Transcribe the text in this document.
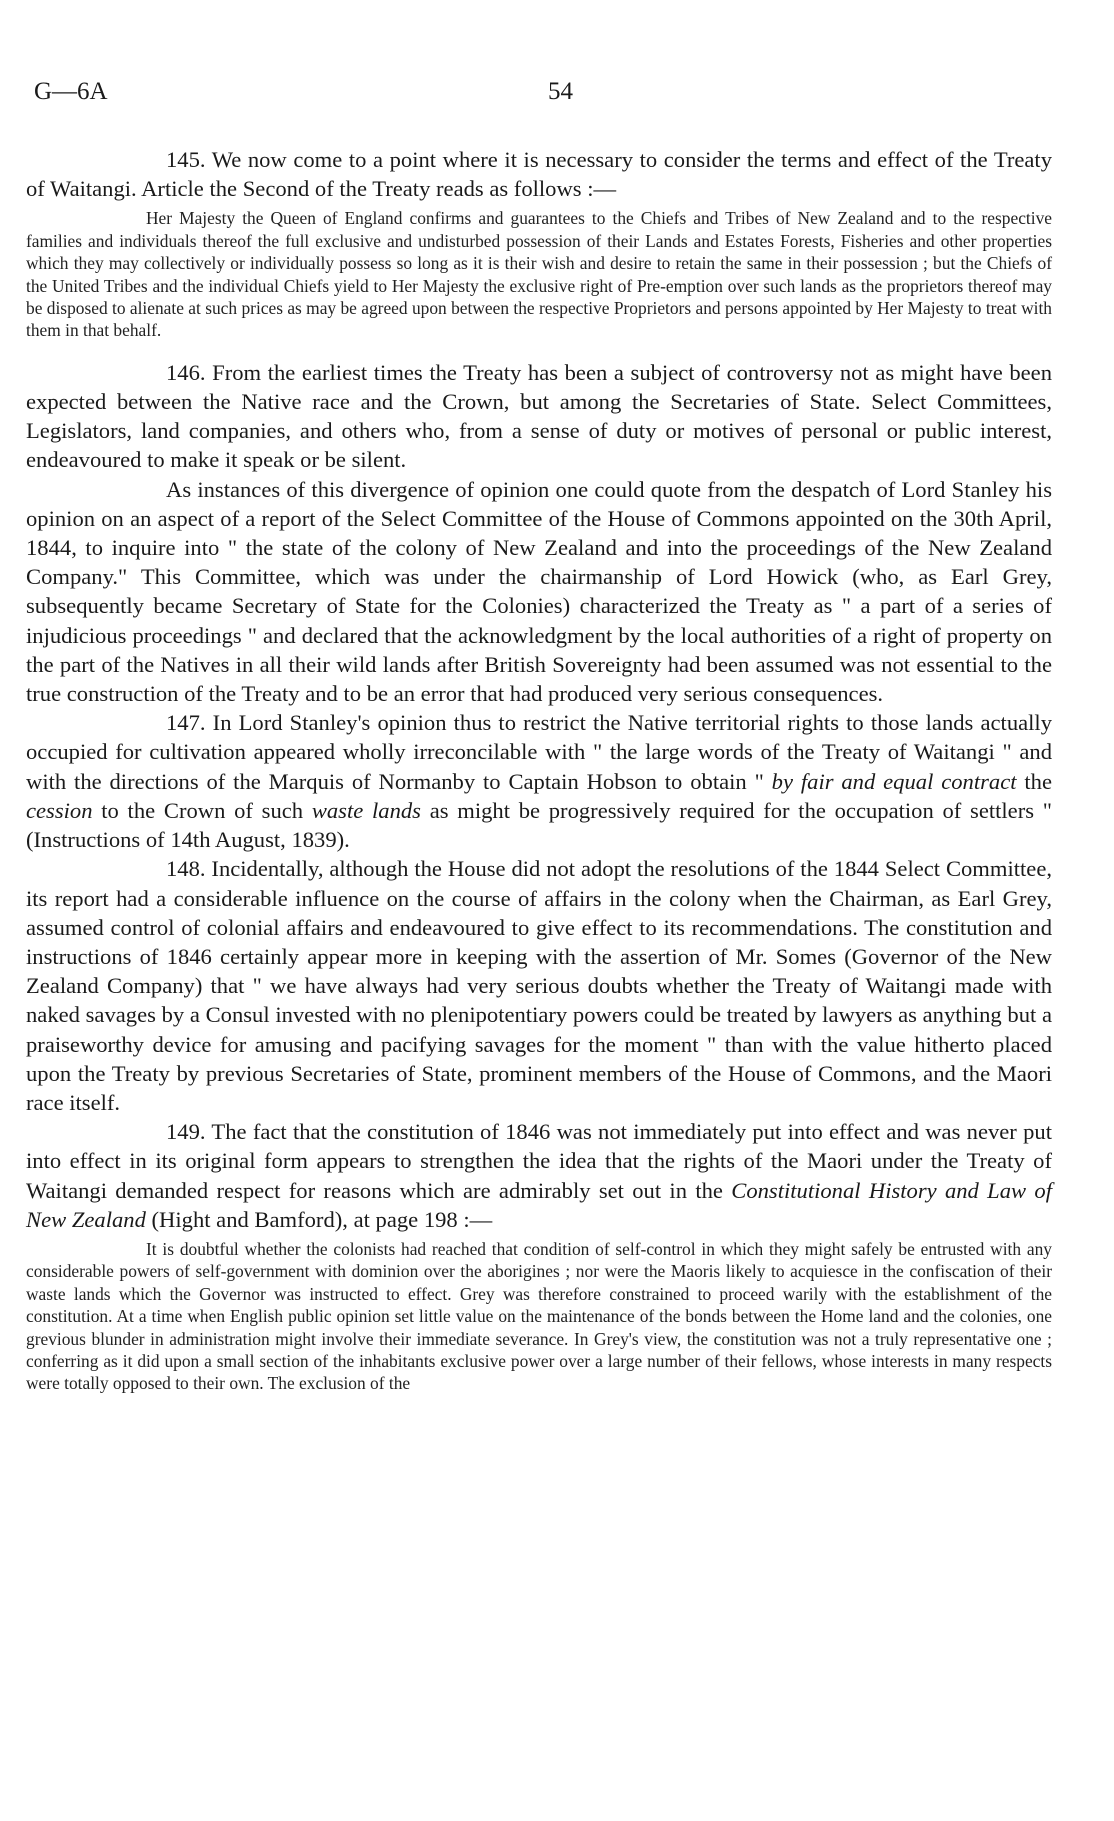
G—6A	54

145. We now come to a point where it is necessary to consider the terms and effect of the Treaty of Waitangi. Article the Second of the Treaty reads as follows :—

Her Majesty the Queen of England confirms and guarantees to the Chiefs and Tribes of New Zealand and to the respective families and individuals thereof the full exclusive and undisturbed possession of their Lands and Estates Forests, Fisheries and other properties which they may collectively or individually possess so long as it is their wish and desire to retain the same in their possession ; but the Chiefs of the United Tribes and the individual Chiefs yield to Her Majesty the exclusive right of Pre-emption over such lands as the proprietors thereof may be disposed to alienate at such prices as may be agreed upon between the respective Proprietors and persons appointed by Her Majesty to treat with them in that behalf.

146. From the earliest times the Treaty has been a subject of controversy not as might have been expected between the Native race and the Crown, but among the Secretaries of State. Select Committees, Legislators, land companies, and others who, from a sense of duty or motives of personal or public interest, endeavoured to make it speak or be silent.

As instances of this divergence of opinion one could quote from the despatch of Lord Stanley his opinion on an aspect of a report of the Select Committee of the House of Commons appointed on the 30th April, 1844, to inquire into " the state of the colony of New Zealand and into the proceedings of the New Zealand Company." This Committee, which was under the chairmanship of Lord Howick (who, as Earl Grey, subsequently became Secretary of State for the Colonies) characterized the Treaty as " a part of a series of injudicious proceedings " and declared that the acknowledgment by the local authorities of a right of property on the part of the Natives in all their wild lands after British Sovereignty had been assumed was not essential to the true construction of the Treaty and to be an error that had produced very serious consequences.

147. In Lord Stanley's opinion thus to restrict the Native territorial rights to those lands actually occupied for cultivation appeared wholly irreconcilable with " the large words of the Treaty of Waitangi " and with the directions of the Marquis of Normanby to Captain Hobson to obtain " by fair and equal contract the cession to the Crown of such waste lands as might be progressively required for the occupation of settlers " (Instructions of 14th August, 1839).

148. Incidentally, although the House did not adopt the resolutions of the 1844 Select Committee, its report had a considerable influence on the course of affairs in the colony when the Chairman, as Earl Grey, assumed control of colonial affairs and endeavoured to give effect to its recommendations. The constitution and instructions of 1846 certainly appear more in keeping with the assertion of Mr. Somes (Governor of the New Zealand Company) that " we have always had very serious doubts whether the Treaty of Waitangi made with naked savages by a Consul invested with no plenipotentiary powers could be treated by lawyers as anything but a praiseworthy device for amusing and pacifying savages for the moment " than with the value hitherto placed upon the Treaty by previous Secretaries of State, prominent members of the House of Commons, and the Maori race itself.

149. The fact that the constitution of 1846 was not immediately put into effect and was never put into effect in its original form appears to strengthen the idea that the rights of the Maori under the Treaty of Waitangi demanded respect for reasons which are admirably set out in the Constitutional History and Law of New Zealand (Hight and Bamford), at page 198 :—

It is doubtful whether the colonists had reached that condition of self-control in which they might safely be entrusted with any considerable powers of self-government with dominion over the aborigines ; nor were the Maoris likely to acquiesce in the confiscation of their waste lands which the Governor was instructed to effect. Grey was therefore constrained to proceed warily with the establishment of the constitution. At a time when English public opinion set little value on the maintenance of the bonds between the Home land and the colonies, one grevious blunder in administration might involve their immediate severance. In Grey's view, the constitution was not a truly representative one ; conferring as it did upon a small section of the inhabitants exclusive power over a large number of their fellows, whose interests in many respects were totally opposed to their own. The exclusion of the
